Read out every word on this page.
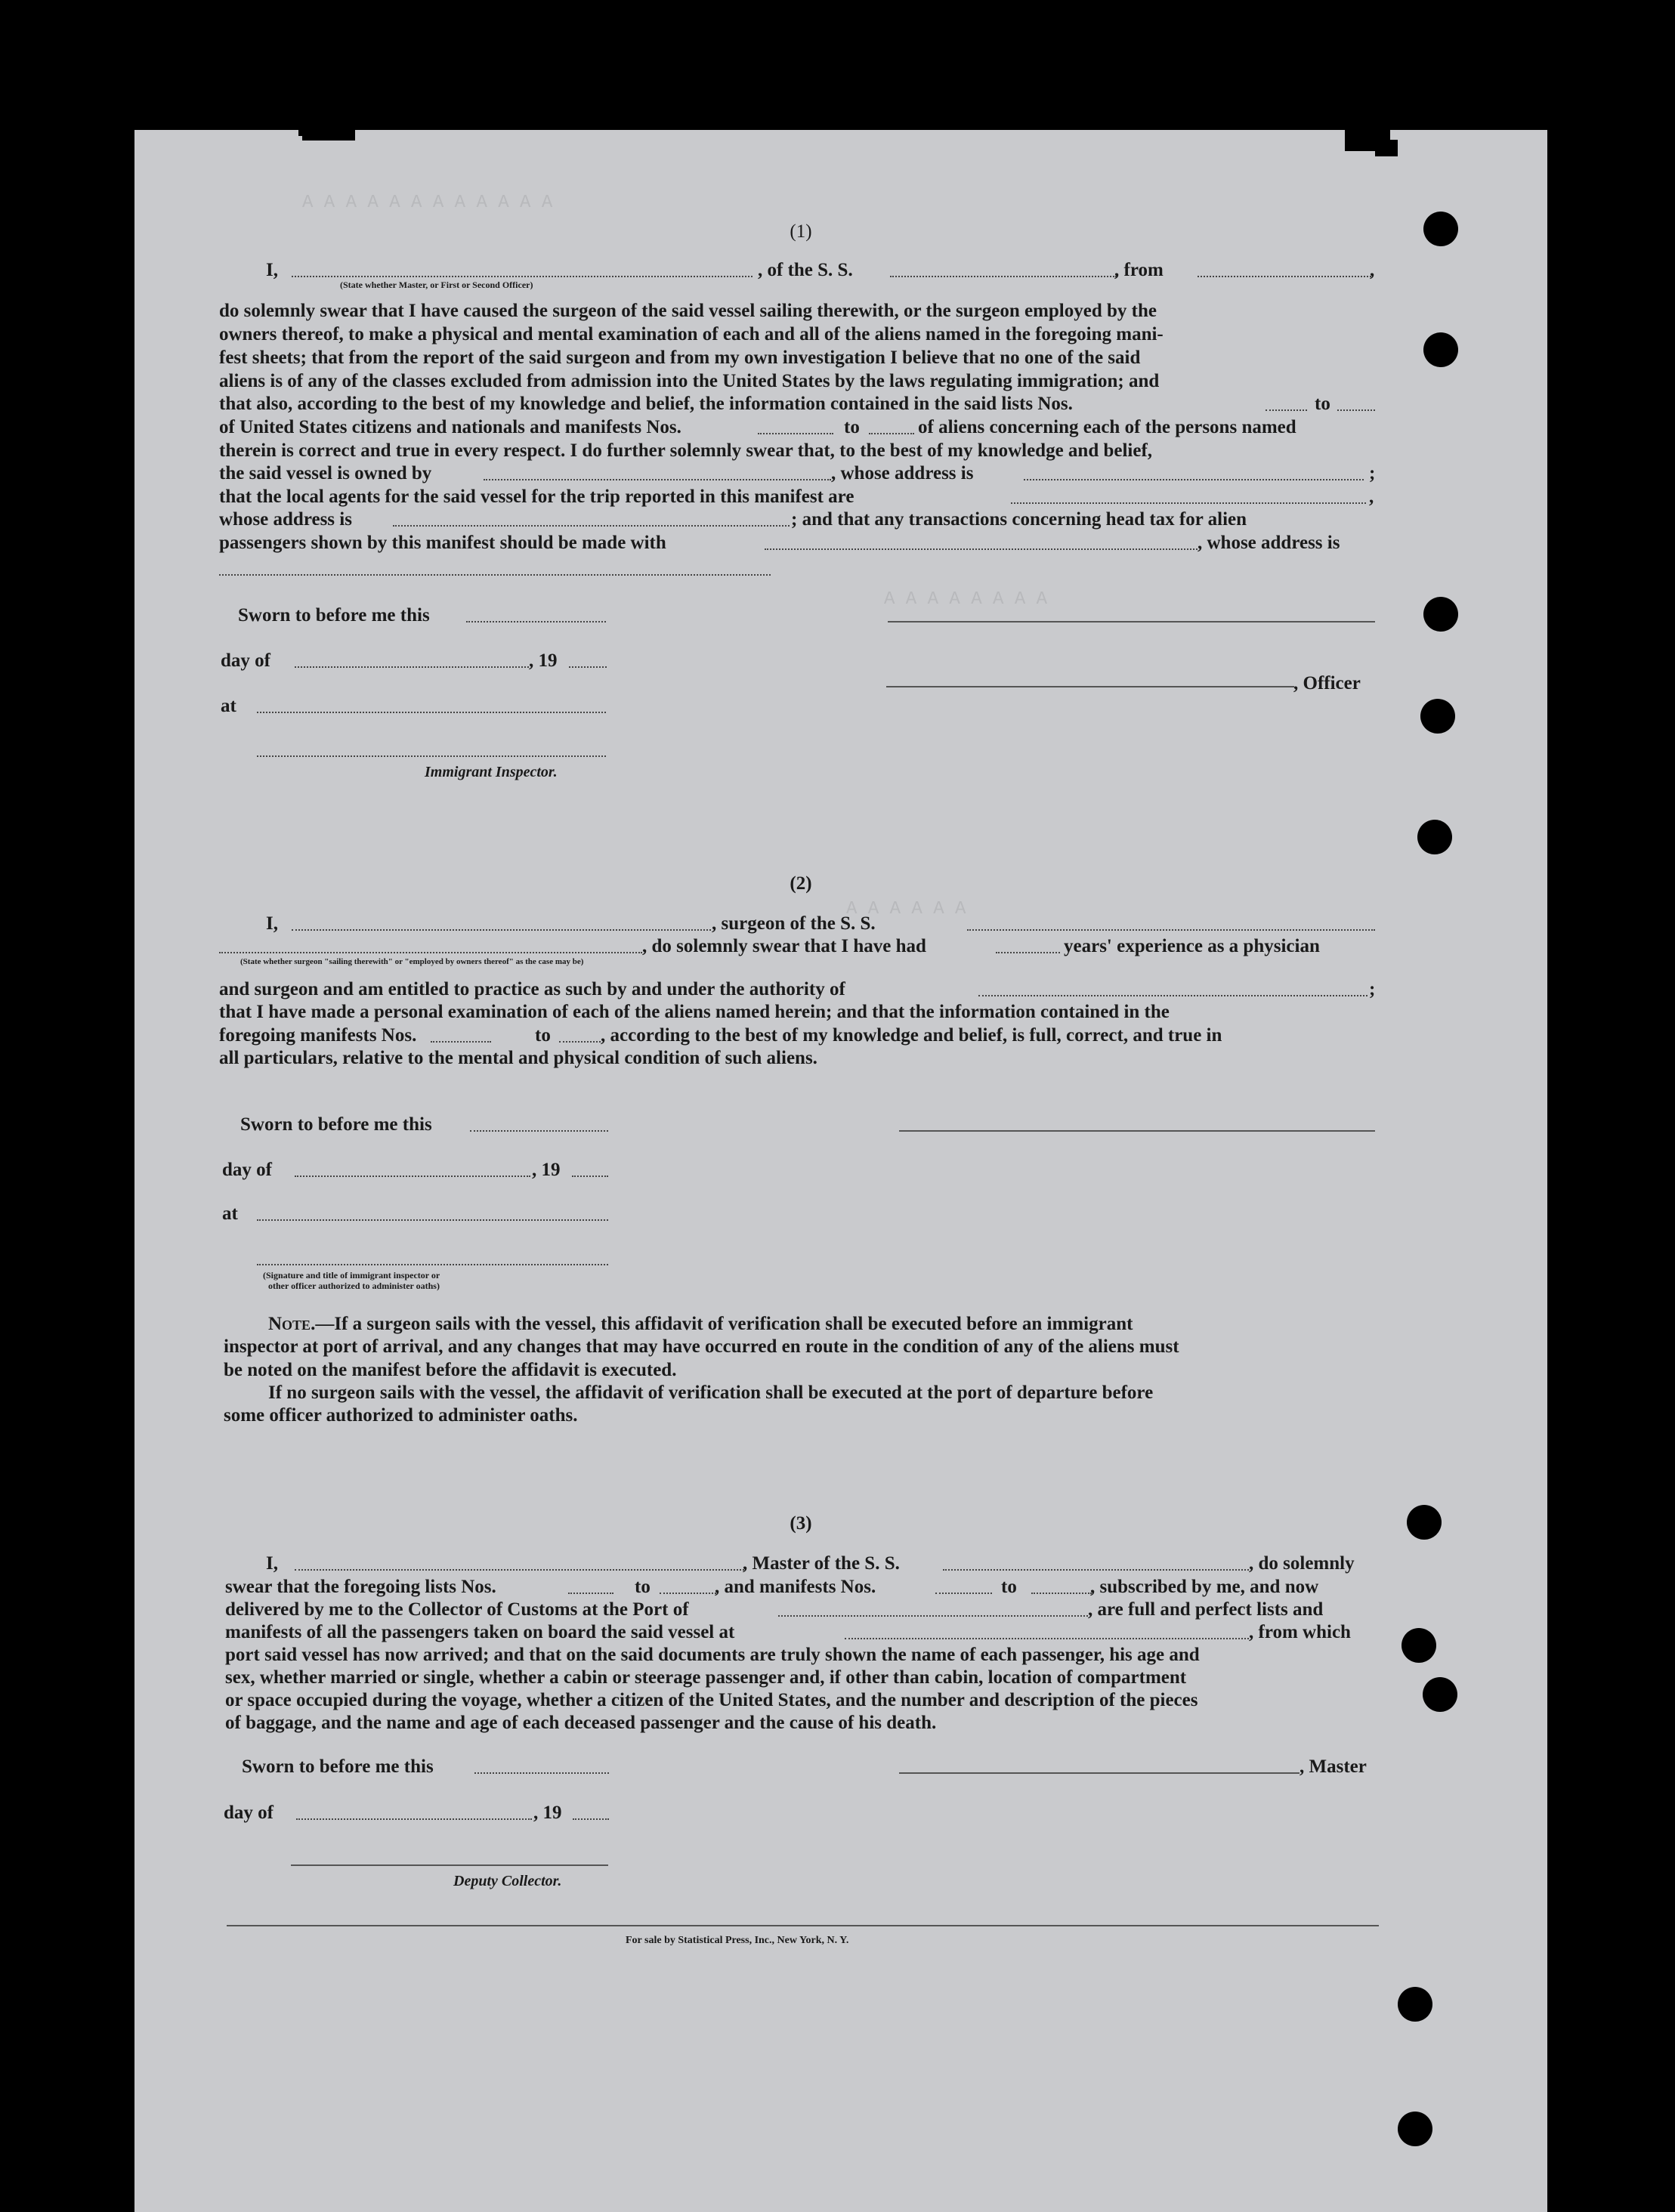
A A A A A A A A A A A A
A A A A A A A A
A A A A A A
(1)
I,	, of the S. S.	, from	,
(State whether Master, or First or Second Officer)
do solemnly swear that I have caused the surgeon of the said vessel sailing therewith, or the surgeon employed by the
owners thereof, to make a physical and mental examination of each and all of the aliens named in the foregoing mani-
fest sheets; that from the report of the said surgeon and from my own investigation I believe that no one of the said
aliens is of any of the classes excluded from admission into the United States by the laws regulating immigration; and
that also, according to the best of my knowledge and belief, the information contained in the said lists Nos.	to
of United States citizens and nationals and manifests Nos.	to	of aliens concerning each of the persons named
therein is correct and true in every respect. I do further solemnly swear that, to the best of my knowledge and belief,
the said vessel is owned by	, whose address is	;
that the local agents for the said vessel for the trip reported in this manifest are	,
whose address is	; and that any transactions concerning head tax for alien
passengers shown by this manifest should be made with	, whose address is
Sworn to before me this
day of	, 19
, Officer
at
Immigrant Inspector.
(2)
I,	, surgeon of the S. S.
, do solemnly swear that I have had	years' experience as a physician
(State whether surgeon "sailing therewith" or "employed by owners thereof" as the case may be)
and surgeon and am entitled to practice as such by and under the authority of	;
that I have made a personal examination of each of the aliens named herein; and that the information contained in the
foregoing manifests Nos.	to	, according to the best of my knowledge and belief, is full, correct, and true in
all particulars, relative to the mental and physical condition of such aliens.
Sworn to before me this
day of	, 19
at
(Signature and title of immigrant inspector or
other officer authorized to administer oaths)
Note.—If a surgeon sails with the vessel, this affidavit of verification shall be executed before an immigrant
inspector at port of arrival, and any changes that may have occurred en route in the condition of any of the aliens must
be noted on the manifest before the affidavit is executed.
If no surgeon sails with the vessel, the affidavit of verification shall be executed at the port of departure before
some officer authorized to administer oaths.
(3)
I,	, Master of the S. S.	, do solemnly
swear that the foregoing lists Nos.	to	, and manifests Nos.	to	, subscribed by me, and now
delivered by me to the Collector of Customs at the Port of	, are full and perfect lists and
manifests of all the passengers taken on board the said vessel at	, from which
port said vessel has now arrived; and that on the said documents are truly shown the name of each passenger, his age and
sex, whether married or single, whether a cabin or steerage passenger and, if other than cabin, location of compartment
or space occupied during the voyage, whether a citizen of the United States, and the number and description of the pieces
of baggage, and the name and age of each deceased passenger and the cause of his death.
Sworn to before me this	, Master
day of	, 19
Deputy Collector.
For sale by Statistical Press, Inc., New York, N. Y.
